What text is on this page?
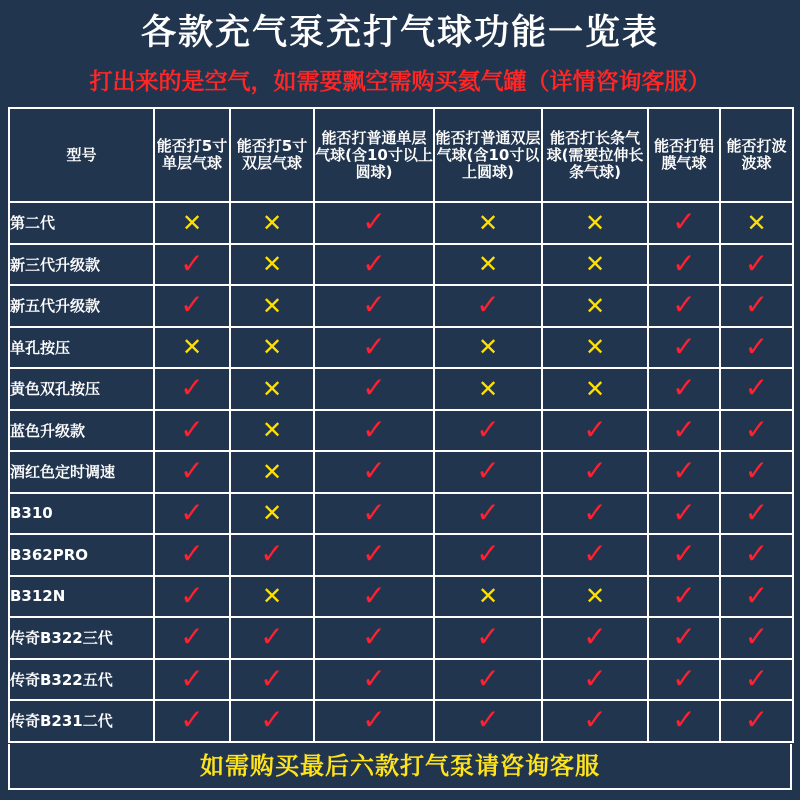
各款充气泵充打气球功能一览表
打出来的是空气，如需要飘空需购买氦气罐（详情咨询客服）
型号	能否打5寸单层气球	能否打5寸双层气球	能否打普通单层气球(含10寸以上圆球)	能否打普通双层气球(含10寸以上圆球)	能否打长条气球(需要拉伸长条气球)	能否打铝膜气球	能否打波波球
第二代	✕	✕	✓	✕	✕	✓	✕
新三代升级款	✓	✕	✓	✕	✕	✓	✓
新五代升级款	✓	✕	✓	✓	✕	✓	✓
单孔按压	✕	✕	✓	✕	✕	✓	✓
黄色双孔按压	✓	✕	✓	✕	✕	✓	✓
蓝色升级款	✓	✕	✓	✓	✓	✓	✓
酒红色定时调速	✓	✕	✓	✓	✓	✓	✓
B310	✓	✕	✓	✓	✓	✓	✓
B362PRO	✓	✓	✓	✓	✓	✓	✓
B312N	✓	✕	✓	✕	✕	✓	✓
传奇B322三代	✓	✓	✓	✓	✓	✓	✓
传奇B322五代	✓	✓	✓	✓	✓	✓	✓
传奇B231二代	✓	✓	✓	✓	✓	✓	✓
如需购买最后六款打气泵请咨询客服
